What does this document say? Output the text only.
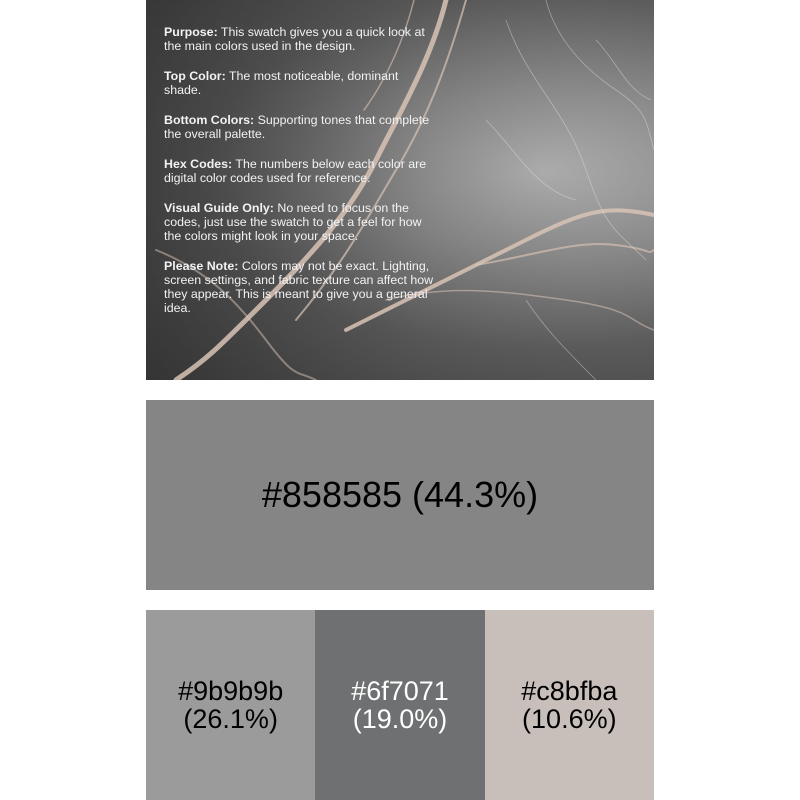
Purpose: This swatch gives you a quick look at the main colors used in the design.

Top Color: The most noticeable, dominant shade.

Bottom Colors: Supporting tones that complete the overall palette.

Hex Codes: The numbers below each color are digital color codes used for reference.

Visual Guide Only: No need to focus on the codes, just use the swatch to get a feel for how the colors might look in your space.

Please Note: Colors may not be exact. Lighting, screen settings, and fabric texture can affect how they appear. This is meant to give you a general idea.

#858585 (44.3%)
#9b9b9b
(26.1%)
#6f7071
(19.0%)
#c8bfba
(10.6%)
